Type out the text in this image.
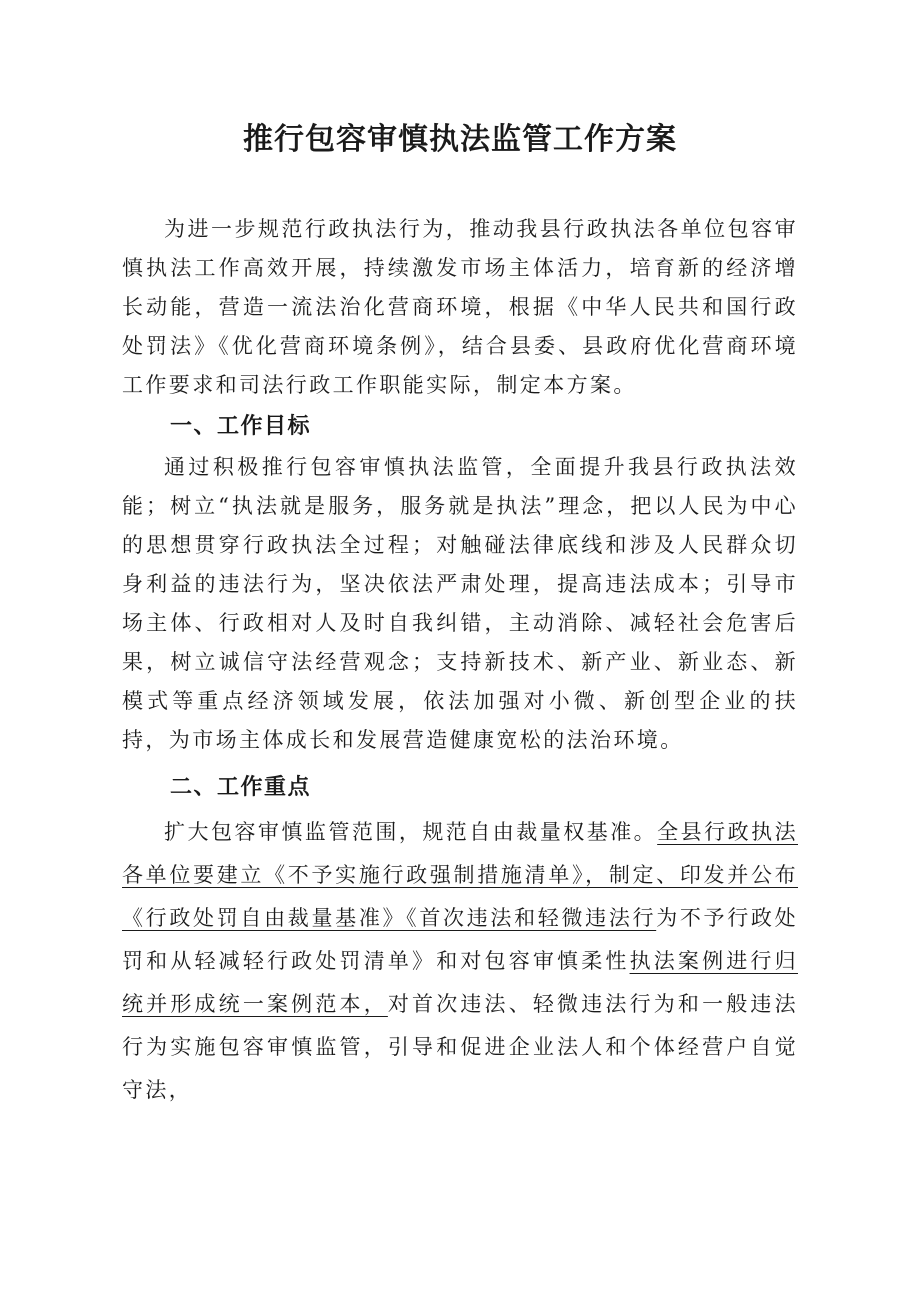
推行包容审慎执法监管工作方案

为进一步规范行政执法行为，推动我县行政执法各单位包容审慎执法工作高效开展，持续激发市场主体活力，培育新的经济增长动能，营造一流法治化营商环境，根据《中华人民共和国行政处罚法》《优化营商环境条例》，结合县委、县政府优化营商环境工作要求和司法行政工作职能实际，制定本方案。

一、工作目标

通过积极推行包容审慎执法监管，全面提升我县行政执法效能；树立“执法就是服务，服务就是执法”理念，把以人民为中心的思想贯穿行政执法全过程；对触碰法律底线和涉及人民群众切身利益的违法行为，坚决依法严肃处理，提高违法成本；引导市场主体、行政相对人及时自我纠错，主动消除、减轻社会危害后果，树立诚信守法经营观念；支持新技术、新产业、新业态、新模式等重点经济领域发展，依法加强对小微、新创型企业的扶持，为市场主体成长和发展营造健康宽松的法治环境。

二、工作重点

扩大包容审慎监管范围，规范自由裁量权基准。全县行政执法各单位要建立《不予实施行政强制措施清单》，制定、印发并公布《行政处罚自由裁量基准》《首次违法和轻微违法行为不予行政处罚和从轻减轻行政处罚清单》和对包容审慎柔性执法案例进行归统并形成统一案例范本，对首次违法、轻微违法行为和一般违法行为实施包容审慎监管，引导和促进企业法人和个体经营户自觉守法，
